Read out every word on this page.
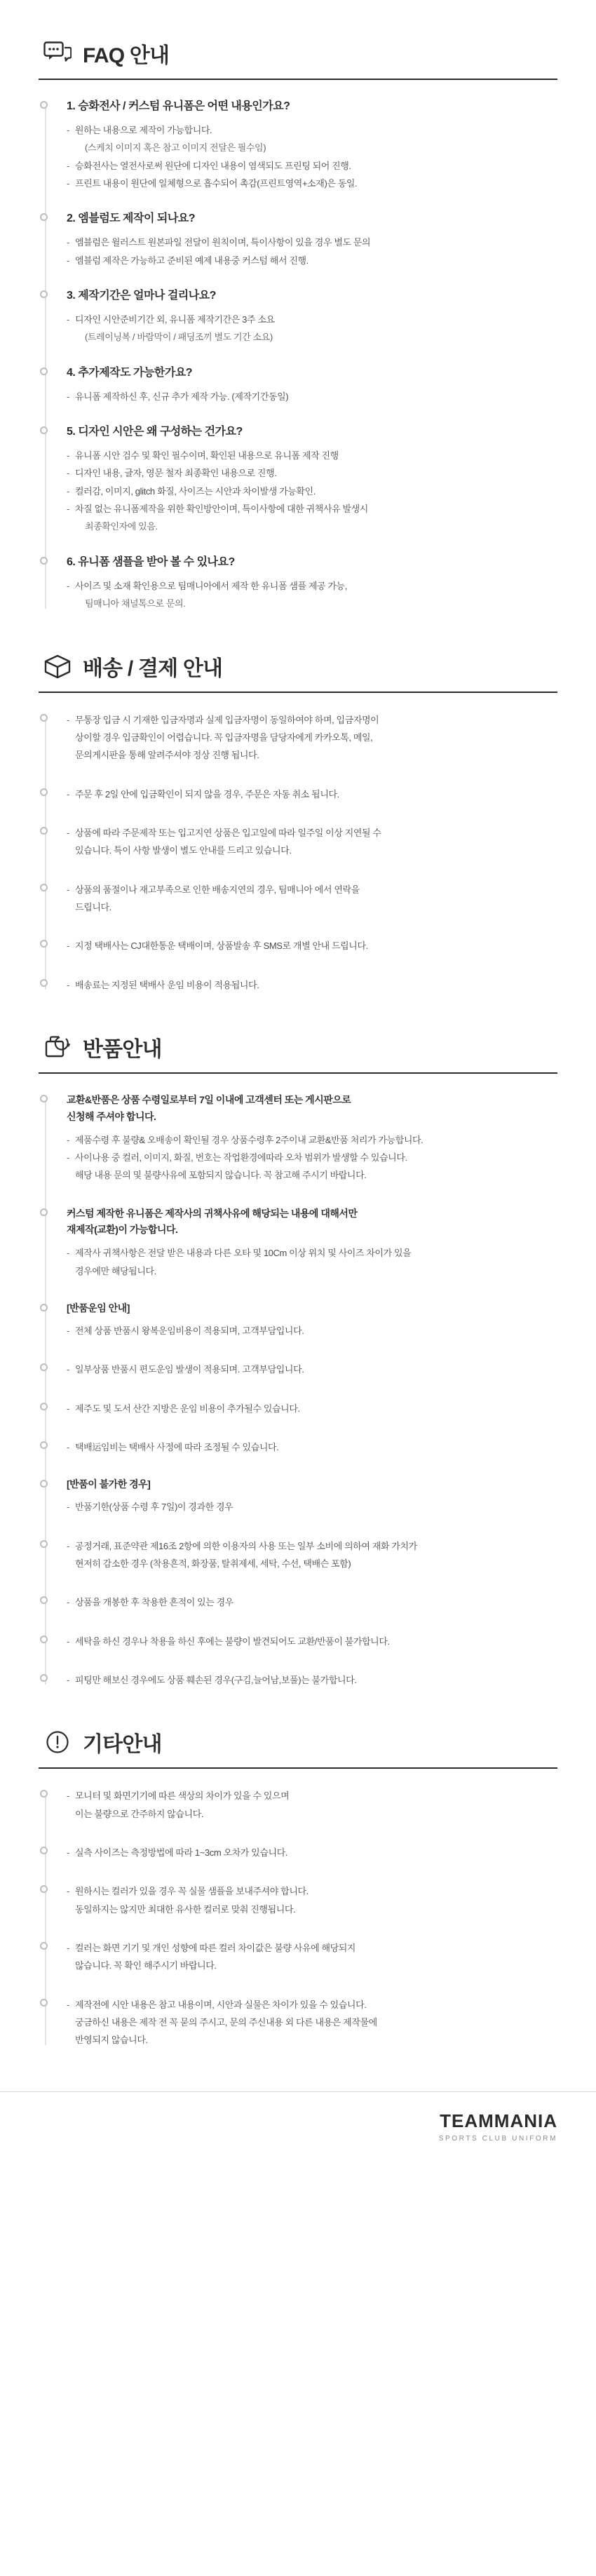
FAQ 안내
1. 승화전사 / 커스텀 유니폼은 어떤 내용인가요?
- 원하는 내용으로 제작이 가능합니다.
(스케치 이미지 혹은 참고 이미지 전달은 필수임)
- 승화전사는 열전사로써 원단에 디자인 내용이 염색되도 프린팅 되어 진행.
- 프린트 내용이 원단에 일체형으로 흡수되어 촉감(프린트영역+소재)은 동일.
2. 엠블럼도 제작이 되나요?
- 엠블럼은 윌러스트 원본파일 전달이 원칙이며, 특이사항이 있을 경우 별도 문의
- 엠블럼 제작은 가능하고 준비된 예제 내용중 커스텀 해서 진행.
3. 제작기간은 얼마나 걸리나요?
- 디자인 시안준비기간 외, 유니폼 제작기간은 3주 소요
(트레이닝복 / 바람막이 / 패딩조끼 별도 기간 소요)
4. 추가제작도 가능한가요?
- 유니폼 제작하신 후, 신규 추가 제작 가능. (제작기간동일)
5. 디자인 시안은 왜 구성하는 건가요?
- 유니폼 시안 검수 및 확인 필수이며, 확인된 내용으로 유니폼 제작 진행
- 디자인 내용, 글자, 영문 철자 최종확인 내용으로 진행.
- 컬러감, 이미지, glitch 화질, 사이즈는 시안과 차이발생 가능확인.
- 차질 없는 유니폼제작을 위한 확인방안이며, 특이사항에 대한 귀책사유 발생시
최종확인자에 있음.
6. 유니폼 샘플을 받아 볼 수 있나요?
- 사이즈 및 소재 확인용으로 팀매니아에서 제작 한 유니폼 샘플 제공 가능,
팀매니아 채널톡으로 문의.
배송 / 결제 안내

- 무통장 입금 시 기재한 입금자명과 실제 입금자명이 동일하여야 하며, 입금자명이

상이할 경우 입금확인이 어렵습니다. 꼭 입금자명을 담당자에게 카카오톡, 메일,

문의게시판을 통해 알려주셔야 정상 진행 됩니다.

- 주문 후 2일 안에 입금확인이 되지 않을 경우, 주문은 자동 취소 됩니다.

- 상품에 따라 주문제작 또는 입고지연 상품은 입고일에 따라 일주일 이상 지연될 수

있습니다. 특이 사항 발생이 별도 안내를 드리고 있습니다.

- 상품의 품절이나 재고부족으로 인한 배송지연의 경우, 팀매니아 에서 연락을

드립니다.

- 지정 택배사는 CJ대한통운 택배이며, 상품발송 후 SMS로 개별 안내 드립니다.

- 배송료는 지정된 택배사 운임 비용이 적용됩니다.

반품안내
교환&반품은 상품 수령일로부터 7일 이내에 고객센터 또는 게시판으로
신청해 주셔야 합니다.

- 제품수령 후 불량& 오배송이 확인될 경우 상품수령후 2주이내 교환&반품 처리가 가능합니다.

- 사이나용 중 컬러, 이미지, 화질, 번호는 작업환경에따라 오차 범위가 발생할 수 있습니다.

해당 내용 문의 및 불량사유에 포함되지 않습니다. 꼭 참고해 주시기 바랍니다.

커스텀 제작한 유니폼은 제작사의 귀책사유에 해당되는 내용에 대해서만
재제작(교환)이 가능합니다.

- 제작사 귀책사항은 전달 받은 내용과 다른 오타 및 10Cm 이상 위치 및 사이즈 차이가 있을

경우에만 해당됩니다.

[반품운임 안내]

- 전체 상품 반품시 왕복운임비용이 적용되며, 고객부담입니다.

- 일부상품 반품시 편도운임 발생이 적용되며. 고객부담입니다.

- 제주도 및 도서 산간 지방은 운임 비용이 추가될수 있습니다.

- 택배运임비는 택배사 사정에 따라 조정될 수 있습니다.

[반품이 불가한 경우]

- 반품기한(상품 수령 후 7일)이 경과한 경우

- 공정거래, 표준약관 제16조 2항에 의한 이용자의 사용 또는 일부 소비에 의하여 재화 가치가

현저히 감소한 경우 (착용흔적, 화장품, 탈취제세, 세탁, 수선, 택배슨 포함)

- 상품을 개봉한 후 착용한 흔적이 있는 경우

- 세탁을 하신 경우나 착용을 하신 후에는 불량이 발견되어도 교환/반품이 불가합니다.

- 피팅만 해보신 경우에도 상품 훼손된 경우(구김,늘어남,보풀)는 불가합니다.

기타안내

- 모니터 및 화면기기에 따른 색상의 차이가 있을 수 있으며

이는 불량으로 간주하지 않습니다.

- 실측 사이즈는 측정방법에 따라 1~3cm 오차가 있습니다.

- 원하시는 컬러가 있을 경우 꼭 실물 샘플을 보내주셔야 합니다.

동일하지는 않지만 최대한 유사한 컬러로 맞춰 진행됩니다.

- 컬러는 화면 기기 및 개인 성향에 따른 컬러 차이값은 불량 사유에 해당되지

않습니다. 꼭 확인 해주시기 바랍니다.

- 제작전에 시안 내용은 참고 내용이며, 시안과 실물은 차이가 있을 수 있습니다.

궁금하신 내용은 제작 전 꼭 묻의 주시고, 문의 주신내용 외 다른 내용은 제작물에

반영되지 않습니다.

TEAMMANIA
SPORTS CLUB UNIFORM
